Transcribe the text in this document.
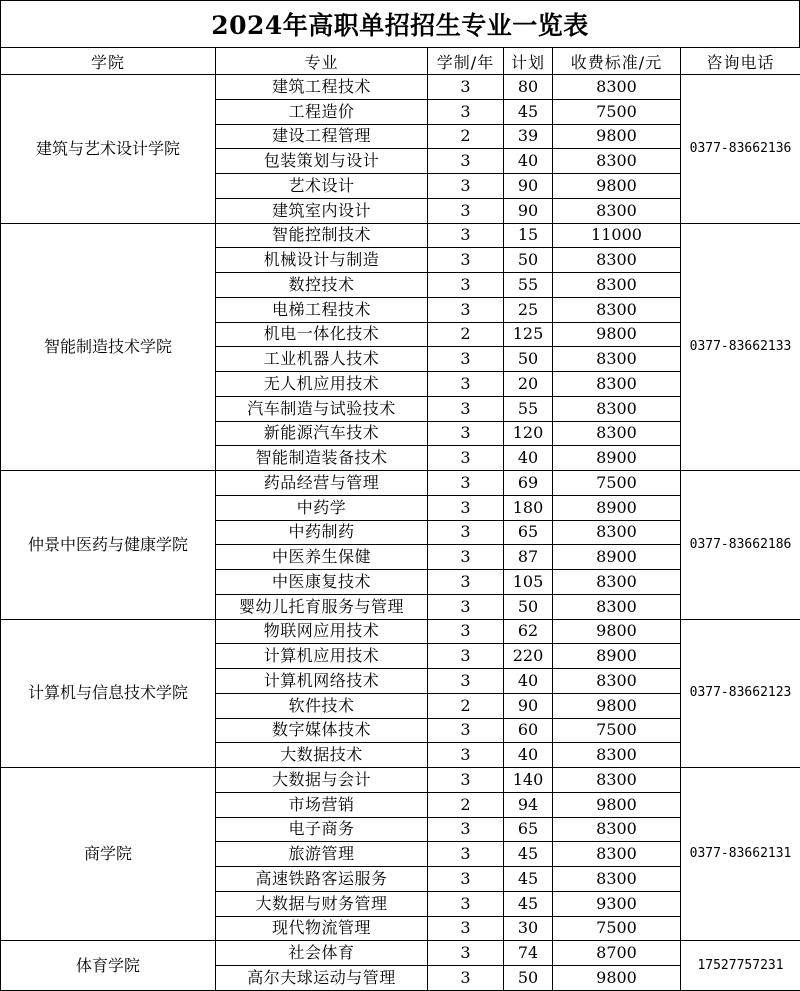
2024年高职单招招生专业一览表
学院	专业	学制/年	计划	收费标准/元	咨询电话
建筑与艺术设计学院	建筑工程技术	3	80	8300	0377-83662136
	工程造价	3	45	7500	
	建设工程管理	2	39	9800	
	包装策划与设计	3	40	8300	
	艺术设计	3	90	9800	
	建筑室内设计	3	90	8300	
智能制造技术学院	智能控制技术	3	15	11000	0377-83662133
	机械设计与制造	3	50	8300	
	数控技术	3	55	8300	
	电梯工程技术	3	25	8300	
	机电一体化技术	2	125	9800	
	工业机器人技术	3	50	8300	
	无人机应用技术	3	20	8300	
	汽车制造与试验技术	3	55	8300	
	新能源汽车技术	3	120	8300	
	智能制造装备技术	3	40	8900	
仲景中医药与健康学院	药品经营与管理	3	69	7500	0377-83662186
	中药学	3	180	8900	
	中药制药	3	65	8300	
	中医养生保健	3	87	8900	
	中医康复技术	3	105	8300	
	婴幼儿托育服务与管理	3	50	8300	
计算机与信息技术学院	物联网应用技术	3	62	9800	0377-83662123
	计算机应用技术	3	220	8900	
	计算机网络技术	3	40	8300	
	软件技术	2	90	9800	
	数字媒体技术	3	60	7500	
	大数据技术	3	40	8300	
商学院	大数据与会计	3	140	8300	0377-83662131
	市场营销	2	94	9800	
	电子商务	3	65	8300	
	旅游管理	3	45	8300	
	高速铁路客运服务	3	45	8300	
	大数据与财务管理	3	45	9300	
	现代物流管理	3	30	7500	
体育学院	社会体育	3	74	8700	17527757231
	高尔夫球运动与管理	3	50	9800	
